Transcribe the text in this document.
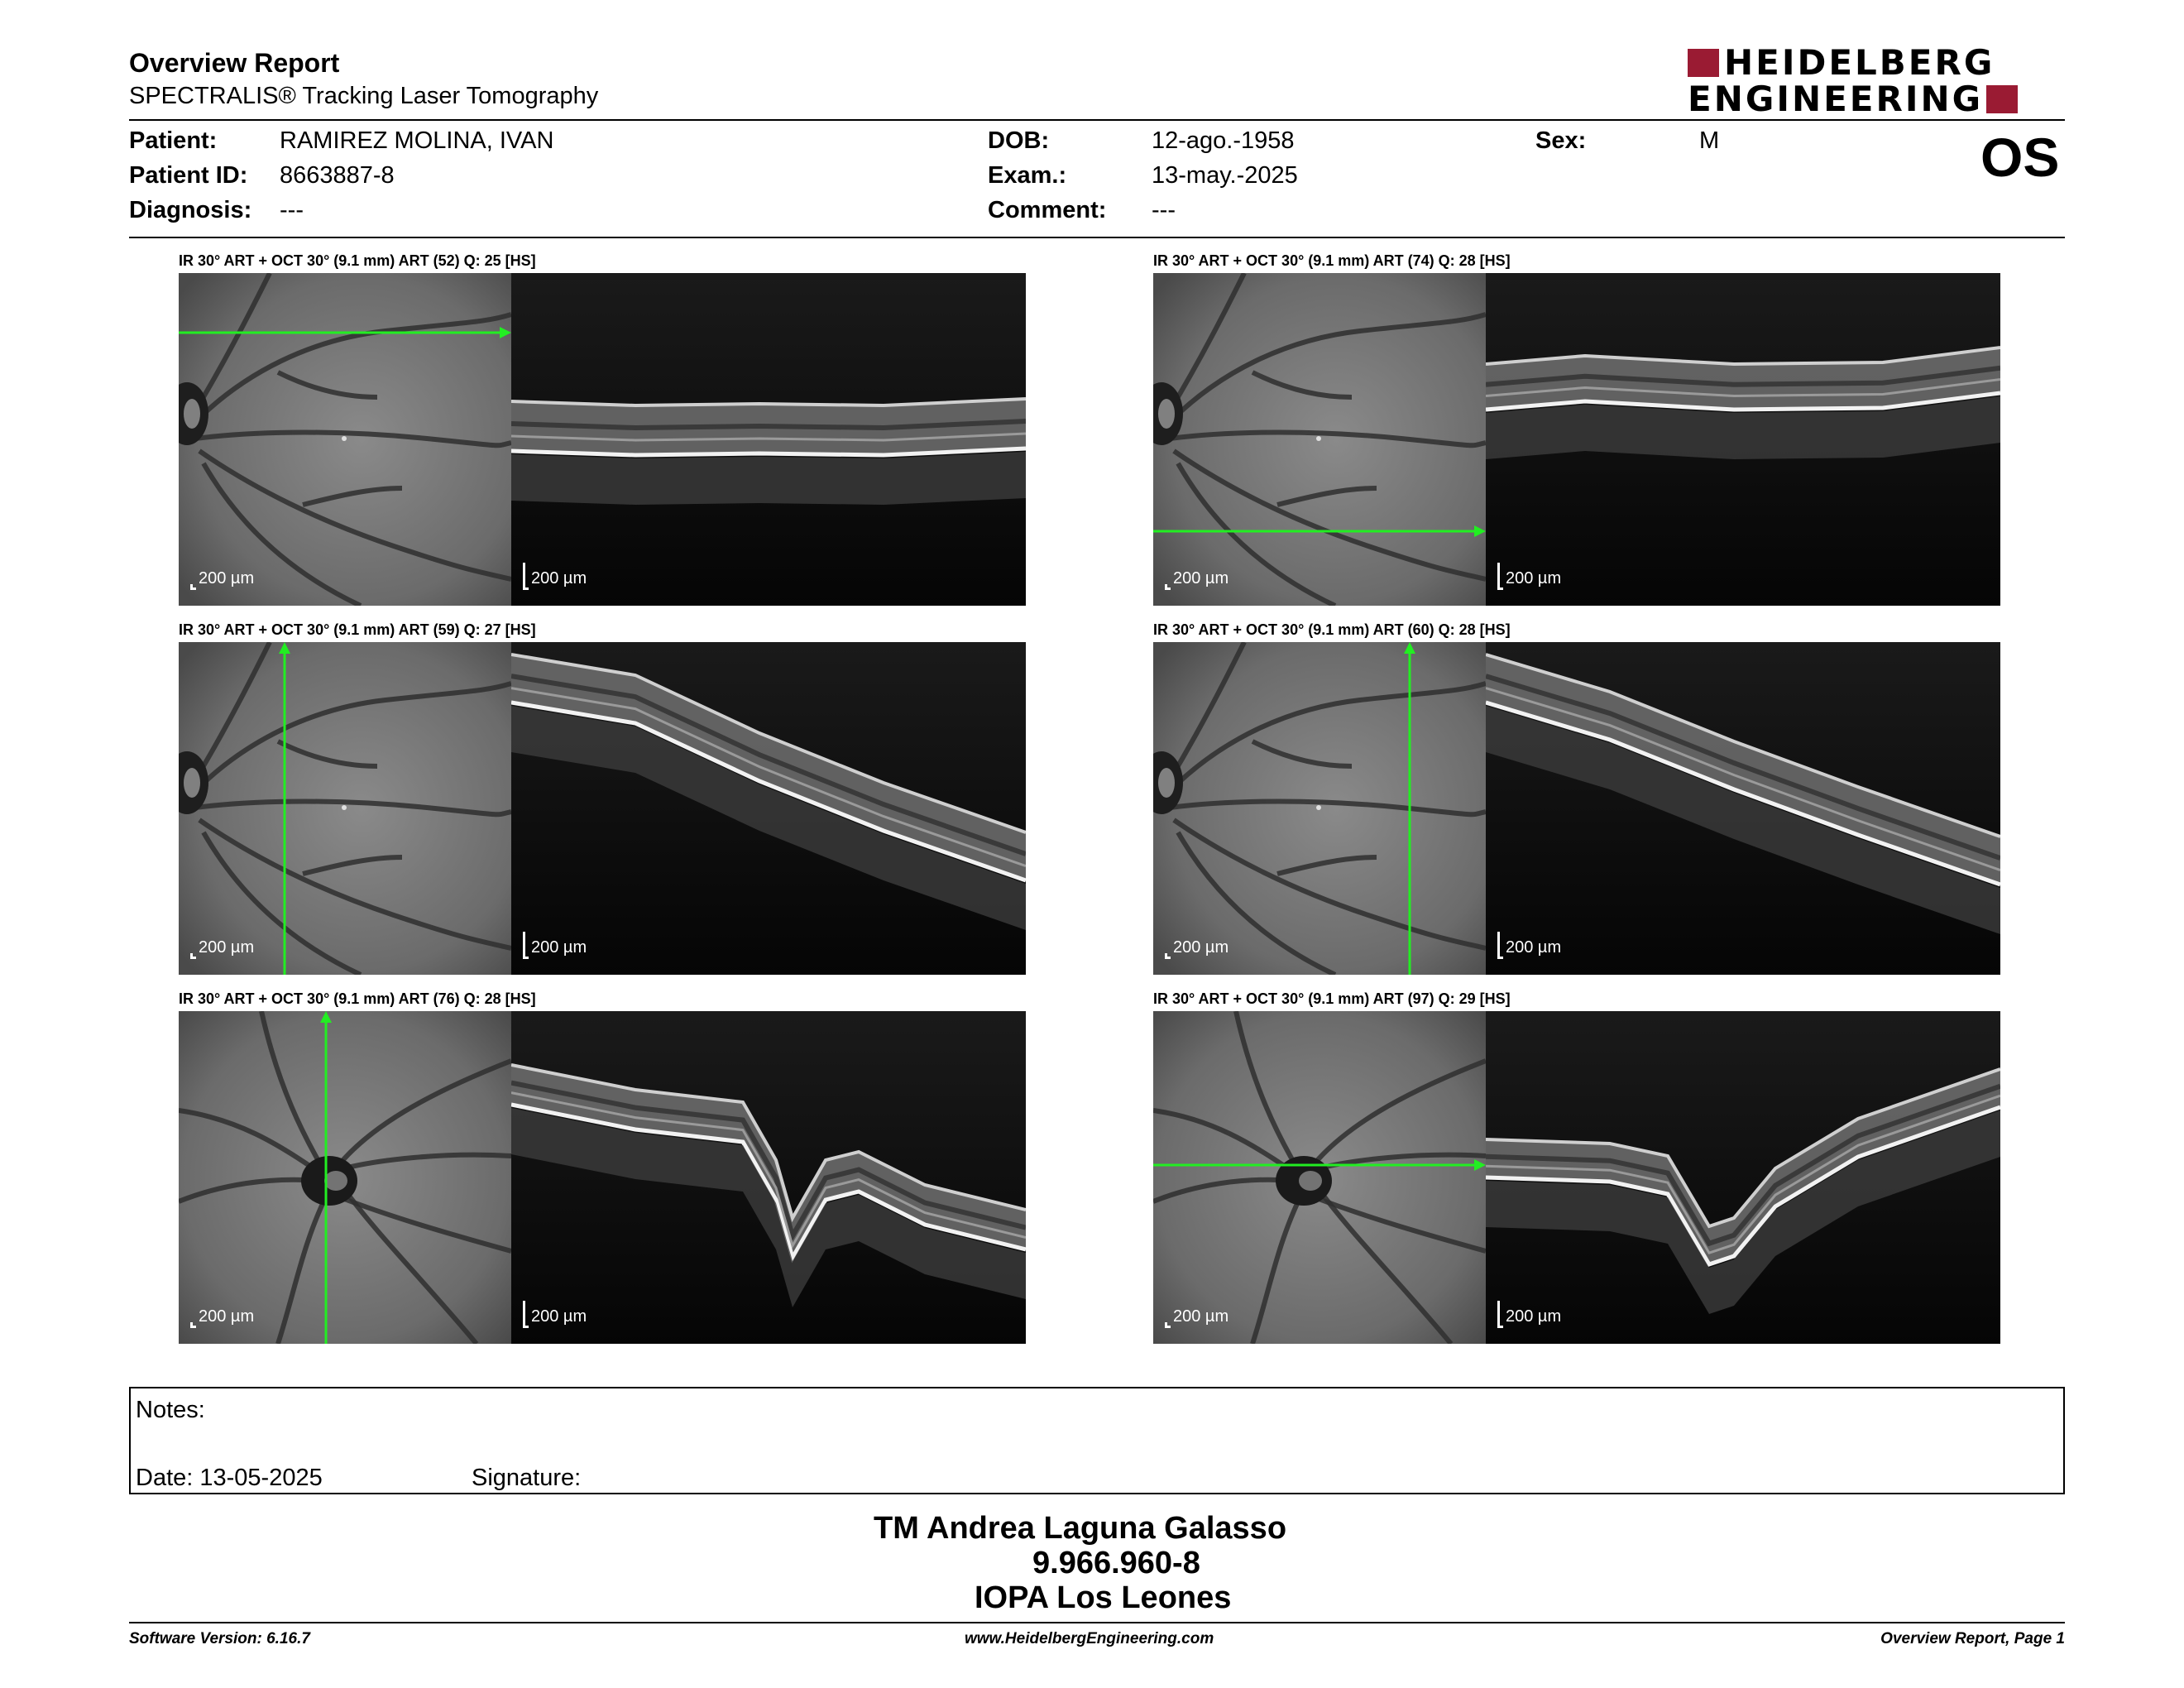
Overview Report
SPECTRALIS® Tracking Laser Tomography
HEIDELBERG
ENGINEERING
Patient:	RAMIREZ MOLINA, IVAN
Patient ID: 8663887-8
Diagnosis: ---
DOB:	12-ago.-1958
Exam.:	13-may.-2025
Comment: ---
Sex:	M	OS
IR 30° ART + OCT 30° (9.1 mm) ART (52) Q: 25 [HS]
200 µm	200 µm
IR 30° ART + OCT 30° (9.1 mm) ART (74) Q: 28 [HS]
200 µm	200 µm
IR 30° ART + OCT 30° (9.1 mm) ART (59) Q: 27 [HS]
200 µm	200 µm
IR 30° ART + OCT 30° (9.1 mm) ART (60) Q: 28 [HS]
200 µm	200 µm
IR 30° ART + OCT 30° (9.1 mm) ART (76) Q: 28 [HS]
200 µm	200 µm
IR 30° ART + OCT 30° (9.1 mm) ART (97) Q: 29 [HS]
200 µm	200 µm
Notes:
Date: 13-05-2025	Signature:
TM Andrea Laguna Galasso
9.966.960-8
IOPA Los Leones
Software Version: 6.16.7	www.HeidelbergEngineering.com	Overview Report, Page 1
